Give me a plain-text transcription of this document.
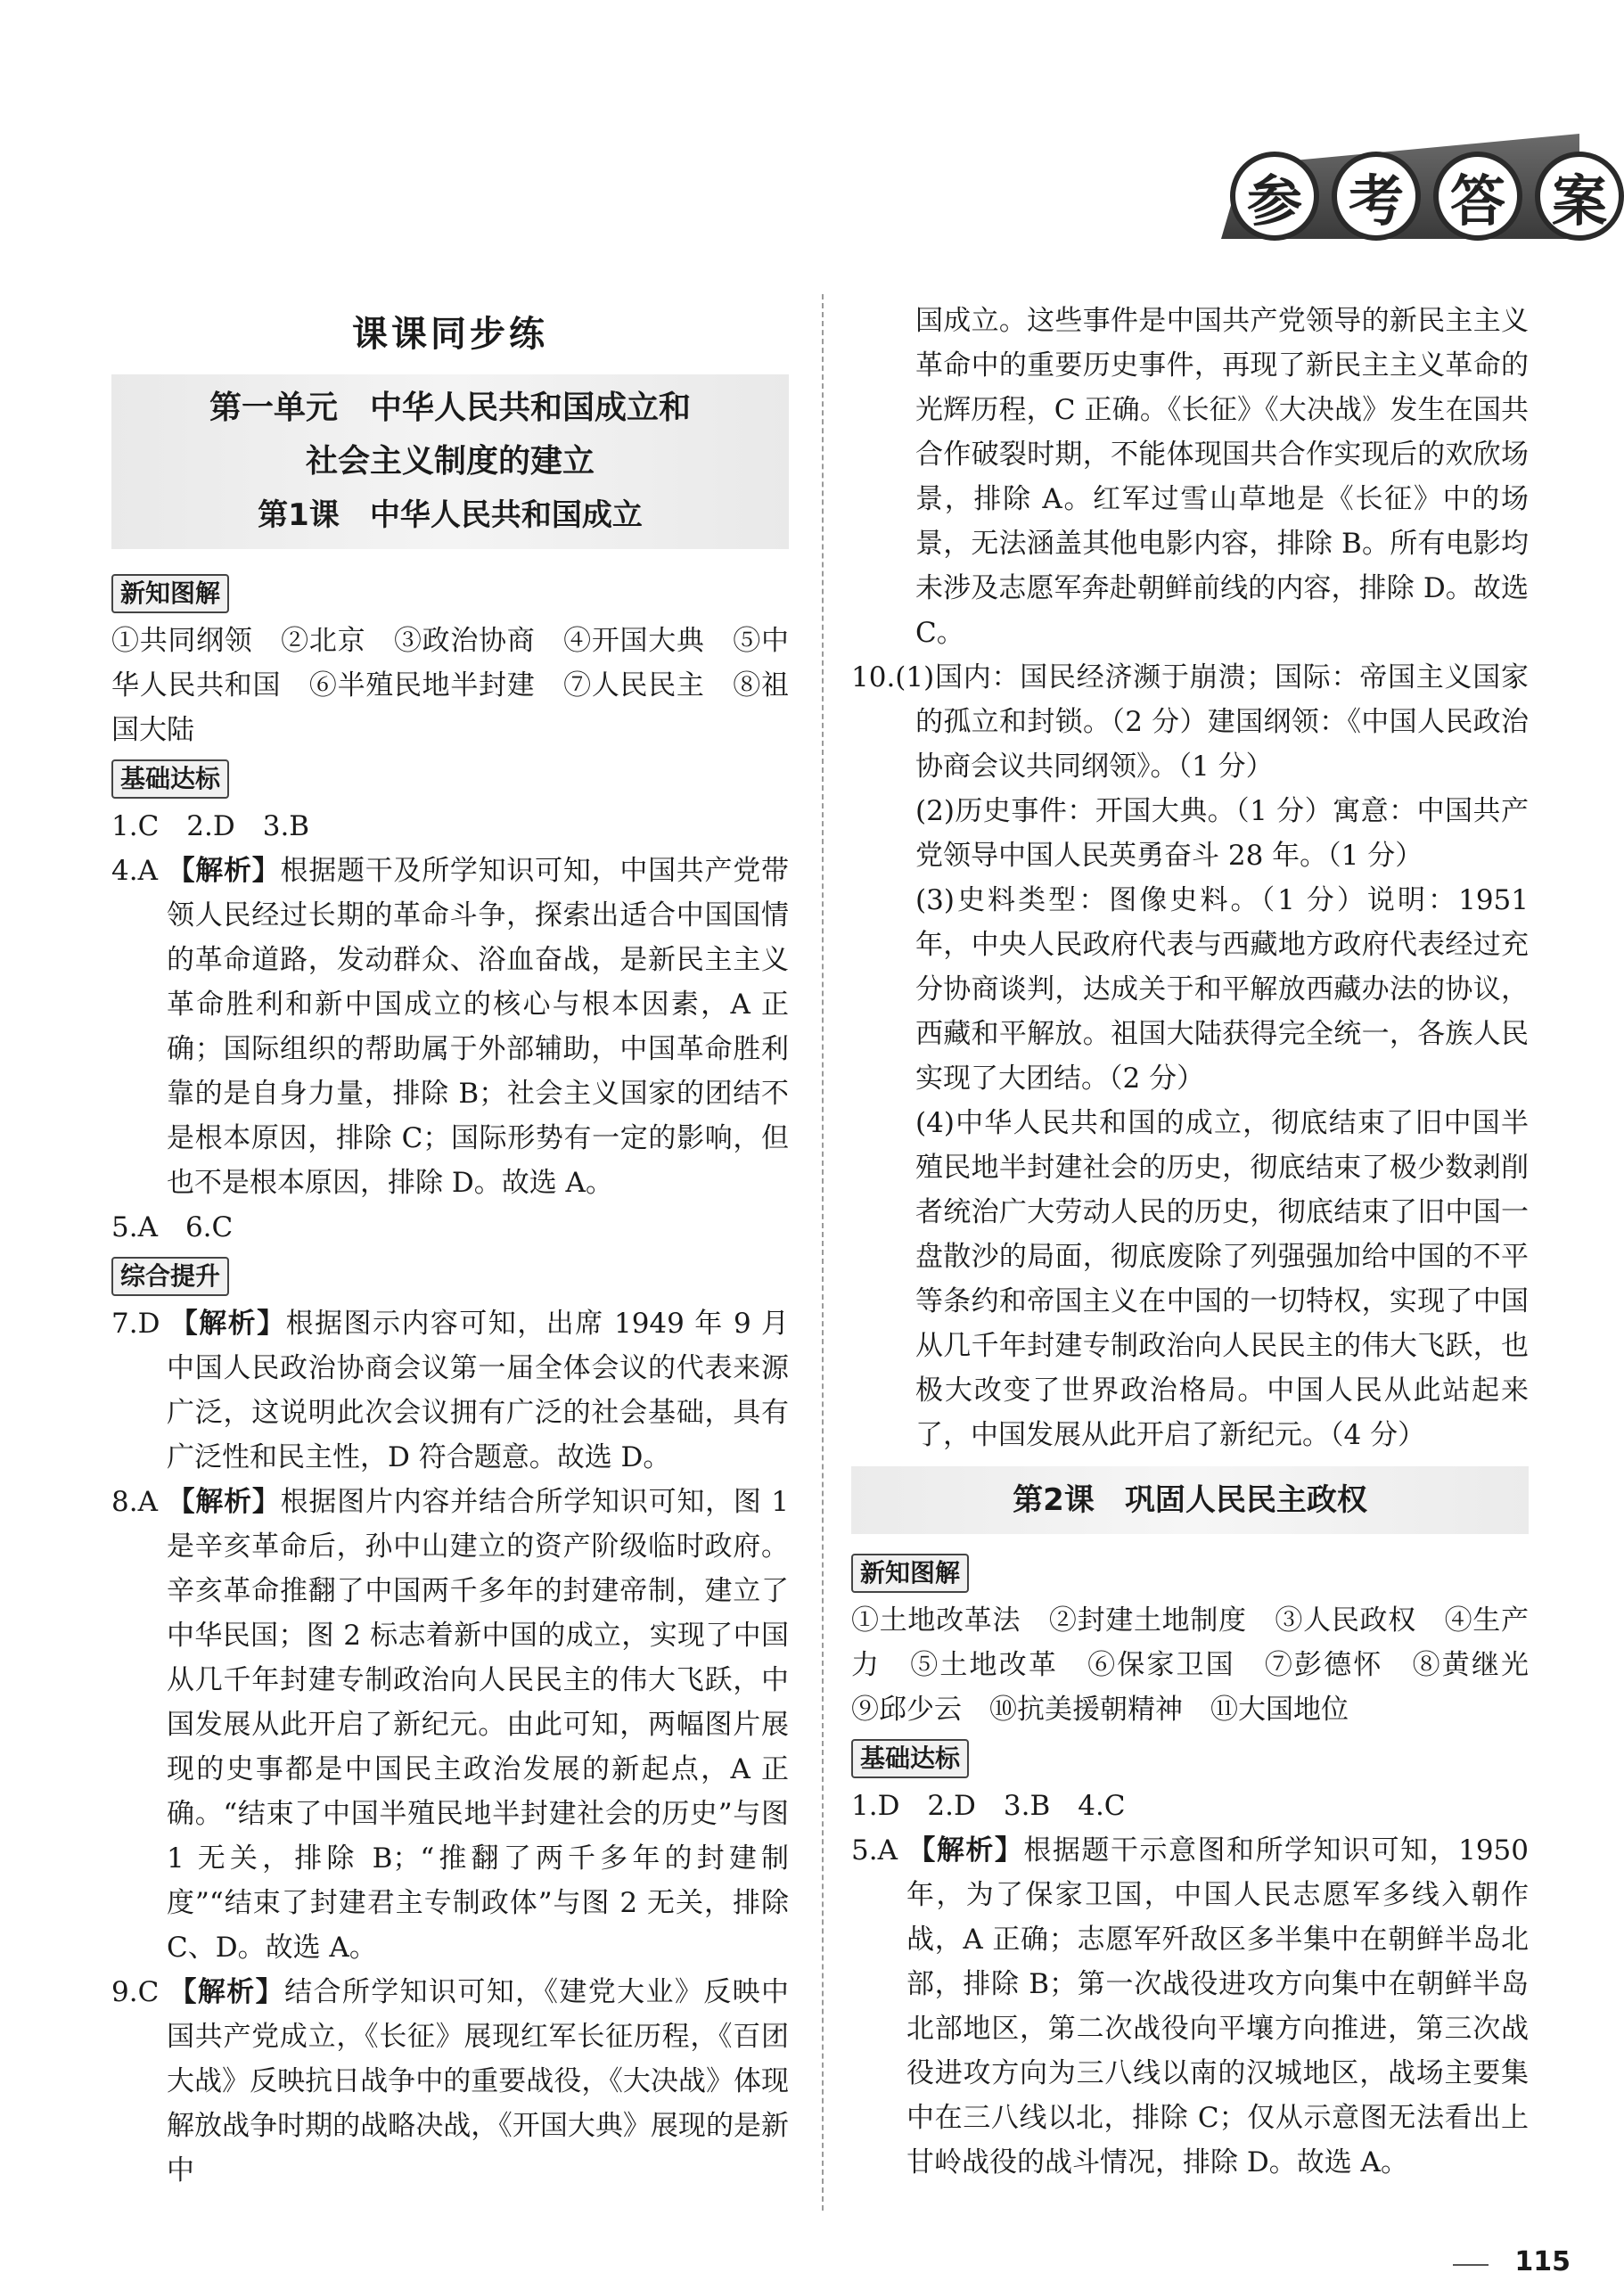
参 考 答 案
课课同步练
第一单元　中华人民共和国成立和
社会主义制度的建立
第1课　中华人民共和国成立
新知图解

①共同纲领　②北京　③政治协商　④开国大典　⑤中华人民共和国　⑥半殖民地半封建　⑦人民民主　⑧祖国大陆

基础达标

1.C　2.D　3.B

4.A 【解析】根据题干及所学知识可知，中国共产党带领人民经过长期的革命斗争，探索出适合中国国情的革命道路，发动群众、浴血奋战，是新民主主义革命胜利和新中国成立的核心与根本因素，A 正确；国际组织的帮助属于外部辅助，中国革命胜利靠的是自身力量，排除 B；社会主义国家的团结不是根本原因，排除 C；国际形势有一定的影响，但也不是根本原因，排除 D。故选 A。

5.A　6.C

综合提升

7.D 【解析】根据图示内容可知，出席 1949 年 9 月中国人民政治协商会议第一届全体会议的代表来源广泛，这说明此次会议拥有广泛的社会基础，具有广泛性和民主性，D 符合题意。故选 D。

8.A 【解析】根据图片内容并结合所学知识可知，图 1 是辛亥革命后，孙中山建立的资产阶级临时政府。辛亥革命推翻了中国两千多年的封建帝制，建立了中华民国；图 2 标志着新中国的成立，实现了中国从几千年封建专制政治向人民民主的伟大飞跃，中国发展从此开启了新纪元。由此可知，两幅图片展现的史事都是中国民主政治发展的新起点，A 正确。“结束了中国半殖民地半封建社会的历史”与图 1 无关，排除 B；“推翻了两千多年的封建制度”“结束了封建君主专制政体”与图 2 无关，排除 C、D。故选 A。

9.C 【解析】结合所学知识可知，《建党大业》反映中国共产党成立，《长征》展现红军长征历程，《百团大战》反映抗日战争中的重要战役，《大决战》体现解放战争时期的战略决战，《开国大典》展现的是新中

国成立。这些事件是中国共产党领导的新民主主义革命中的重要历史事件，再现了新民主主义革命的光辉历程，C 正确。《长征》《大决战》发生在国共合作破裂时期，不能体现国共合作实现后的欢欣场景，排除 A。红军过雪山草地是《长征》中的场景，无法涵盖其他电影内容，排除 B。所有电影均未涉及志愿军奔赴朝鲜前线的内容，排除 D。故选 C。

10.(1)国内：国民经济濒于崩溃；国际：帝国主义国家的孤立和封锁。（2 分）建国纲领：《中国人民政治协商会议共同纲领》。（1 分）

(2)历史事件：开国大典。（1 分）寓意：中国共产党领导中国人民英勇奋斗 28 年。（1 分）

(3)史料类型：图像史料。（1 分）说明：1951 年，中央人民政府代表与西藏地方政府代表经过充分协商谈判，达成关于和平解放西藏办法的协议，西藏和平解放。祖国大陆获得完全统一，各族人民实现了大团结。（2 分）

(4)中华人民共和国的成立，彻底结束了旧中国半殖民地半封建社会的历史，彻底结束了极少数剥削者统治广大劳动人民的历史，彻底结束了旧中国一盘散沙的局面，彻底废除了列强强加给中国的不平等条约和帝国主义在中国的一切特权，实现了中国从几千年封建专制政治向人民民主的伟大飞跃，也极大改变了世界政治格局。中国人民从此站起来了，中国发展从此开启了新纪元。（4 分）

第2课　巩固人民民主政权
新知图解

①土地改革法　②封建土地制度　③人民政权　④生产力　⑤土地改革　⑥保家卫国　⑦彭德怀　⑧黄继光　⑨邱少云　⑩抗美援朝精神　⑪大国地位

基础达标

1.D　2.D　3.B　4.C

5.A 【解析】根据题干示意图和所学知识可知，1950 年，为了保家卫国，中国人民志愿军多线入朝作战，A 正确；志愿军歼敌区多半集中在朝鲜半岛北部，排除 B；第一次战役进攻方向集中在朝鲜半岛北部地区，第二次战役向平壤方向推进，第三次战役进攻方向为三八线以南的汉城地区，战场主要集中在三八线以北，排除 C；仅从示意图无法看出上甘岭战役的战斗情况，排除 D。故选 A。

115
